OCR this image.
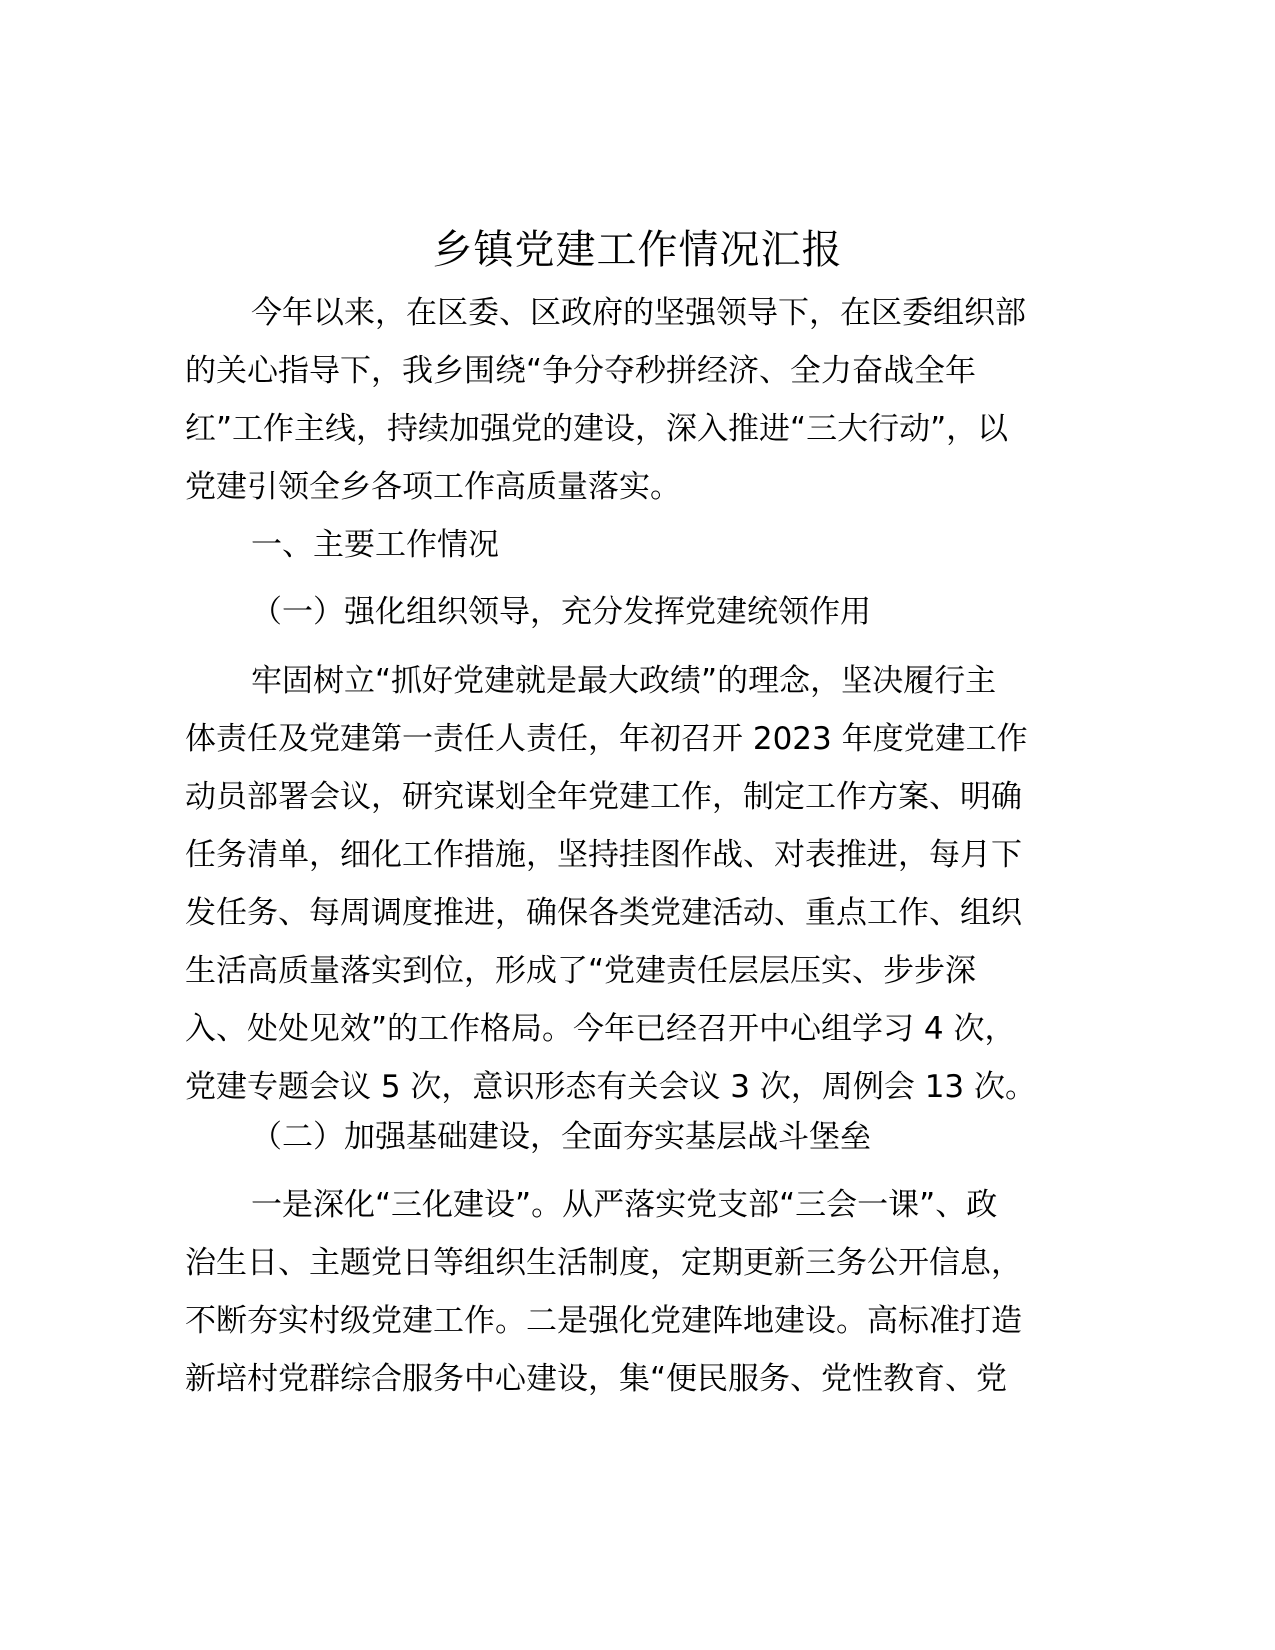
乡镇党建工作情况汇报
今年以来，在区委、区政府的坚强领导下，在区委组织部
的关心指导下，我乡围绕“争分夺秒拼经济、全力奋战全年
红”工作主线，持续加强党的建设，深入推进“三大行动”，以
党建引领全乡各项工作高质量落实。
一、主要工作情况
（一）强化组织领导，充分发挥党建统领作用
牢固树立“抓好党建就是最大政绩”的理念，坚决履行主
体责任及党建第一责任人责任，年初召开 2023 年度党建工作
动员部署会议，研究谋划全年党建工作，制定工作方案、明确
任务清单，细化工作措施，坚持挂图作战、对表推进，每月下
发任务、每周调度推进，确保各类党建活动、重点工作、组织
生活高质量落实到位，形成了“党建责任层层压实、步步深
入、处处见效”的工作格局。今年已经召开中心组学习 4 次，
党建专题会议 5 次，意识形态有关会议 3 次，周例会 13 次。
（二）加强基础建设，全面夯实基层战斗堡垒
一是深化“三化建设”。从严落实党支部“三会一课”、政
治生日、主题党日等组织生活制度，定期更新三务公开信息，
不断夯实村级党建工作。二是强化党建阵地建设。高标准打造
新培村党群综合服务中心建设，集“便民服务、党性教育、党
